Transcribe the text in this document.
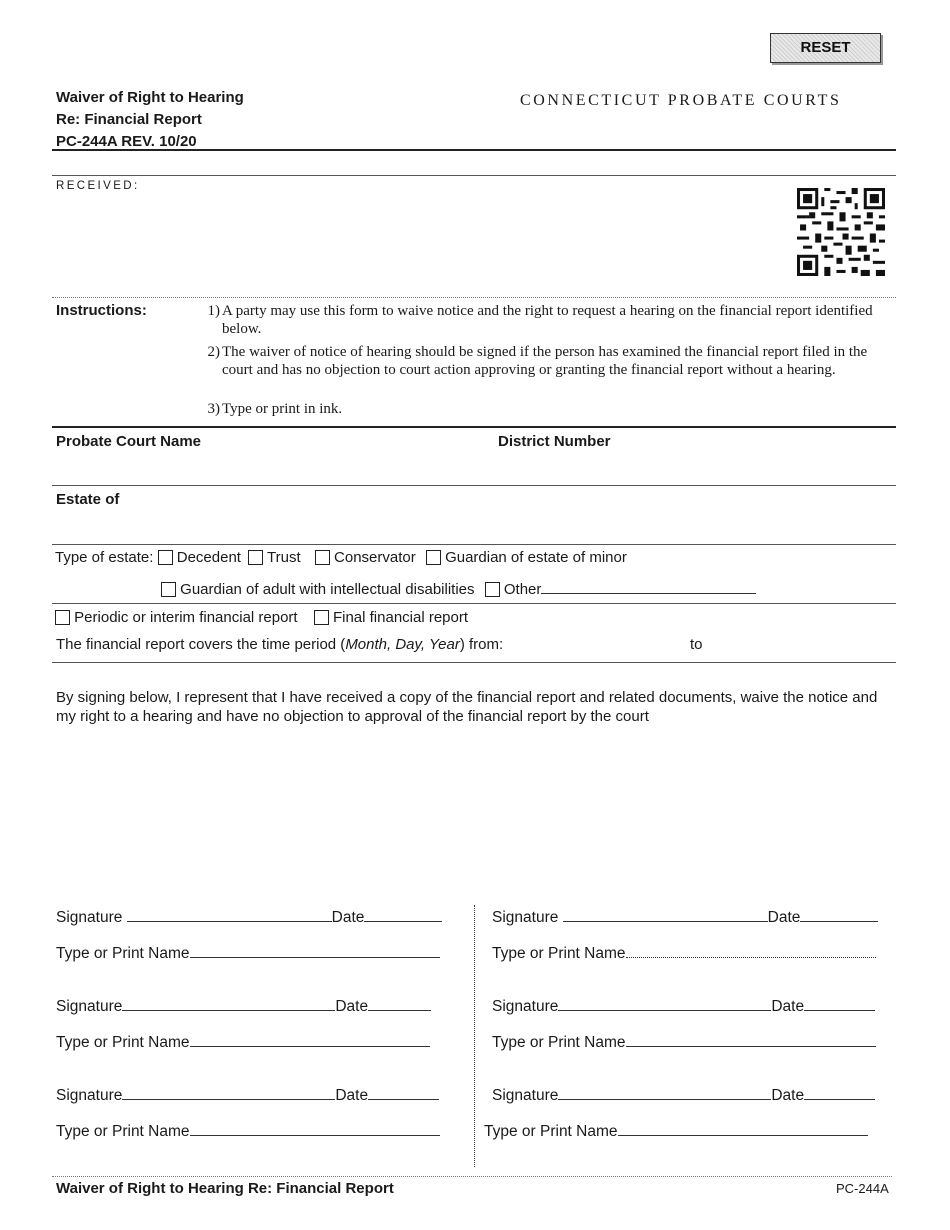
RESET
Waiver of Right to Hearing
Re: Financial Report
PC-244A REV. 10/20
CONNECTICUT PROBATE COURTS
RECEIVED:
Instructions:	1) A party may use this form to waive notice and the right to request a hearing on the financial report identified below.
2) The waiver of notice of hearing should be signed if the person has examined the financial report filed in the court and has no objection to court action approving or granting the financial report without a hearing.
3) Type or print in ink.
Probate Court Name	District Number
Estate of
Type of estate: Decedent Trust Conservator Guardian of estate of minor
Guardian of adult with intellectual disabilities Other
Periodic or interim financial report Final financial report
The financial report covers the time period (Month, Day, Year) from:	to
By signing below, I represent that I have received a copy of the financial report and related documents, waive the notice and my right to a hearing and have no objection to approval of the financial report by the court
Signature	Date
Type or Print Name
Signature	Date
Type or Print Name
Signature	Date
Type or Print Name
Signature	Date
Type or Print Name
Signature	Date
Type or Print Name
Signature	Date
Type or Print Name
Waiver of Right to Hearing Re: Financial Report	PC-244A
